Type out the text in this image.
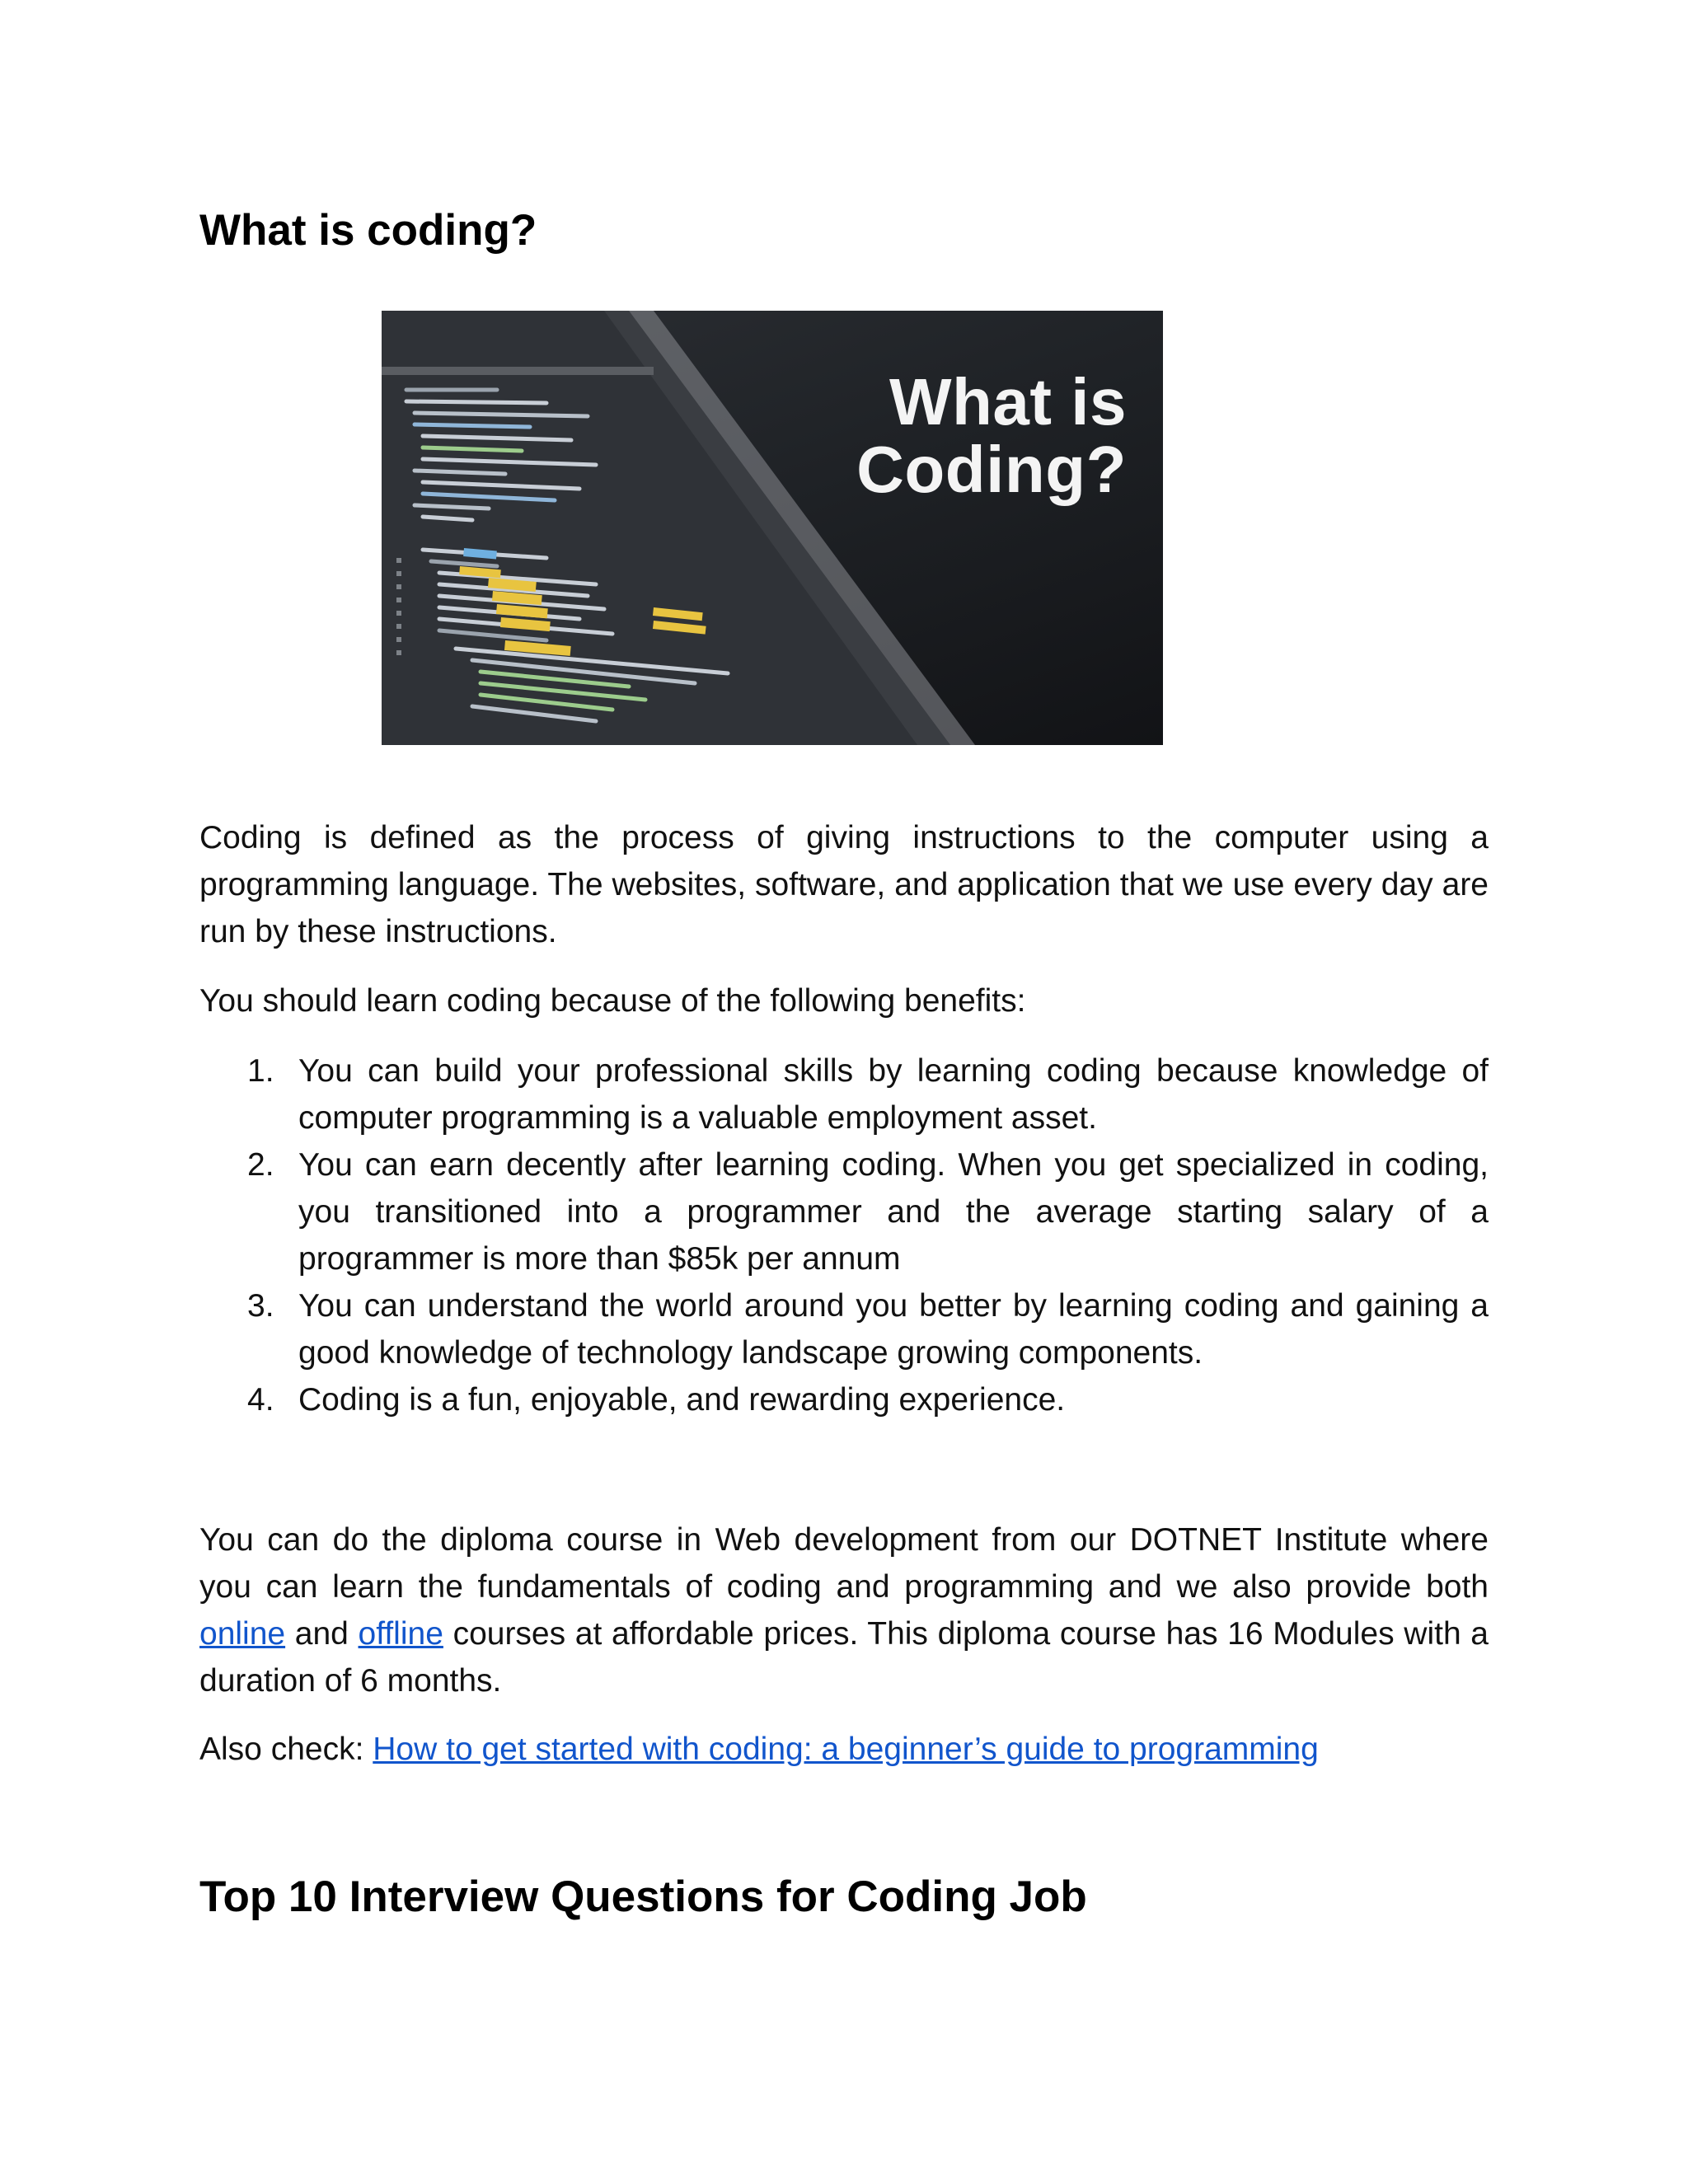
What is coding?
What is
Coding?

Coding is defined as the process of giving instructions to the computer using a programming language. The websites, software, and application that we use every day are run by these instructions.

You should learn coding because of the following benefits:

1. You can build your professional skills by learning coding because knowledge of computer programming is a valuable employment asset.
2. You can earn decently after learning coding. When you get specialized in coding, you transitioned into a programmer and the average starting salary of a programmer is more than $85k per annum
3. You can understand the world around you better by learning coding and gaining a good knowledge of technology landscape growing components.
4. Coding is a fun, enjoyable, and rewarding experience.

You can do the diploma course in Web development from our DOTNET Institute where you can learn the fundamentals of coding and programming and we also provide both online and offline courses at affordable prices. This diploma course has 16 Modules with a duration of 6 months.

Also check: How to get started with coding: a beginner’s guide to programming

Top 10 Interview Questions for Coding Job
